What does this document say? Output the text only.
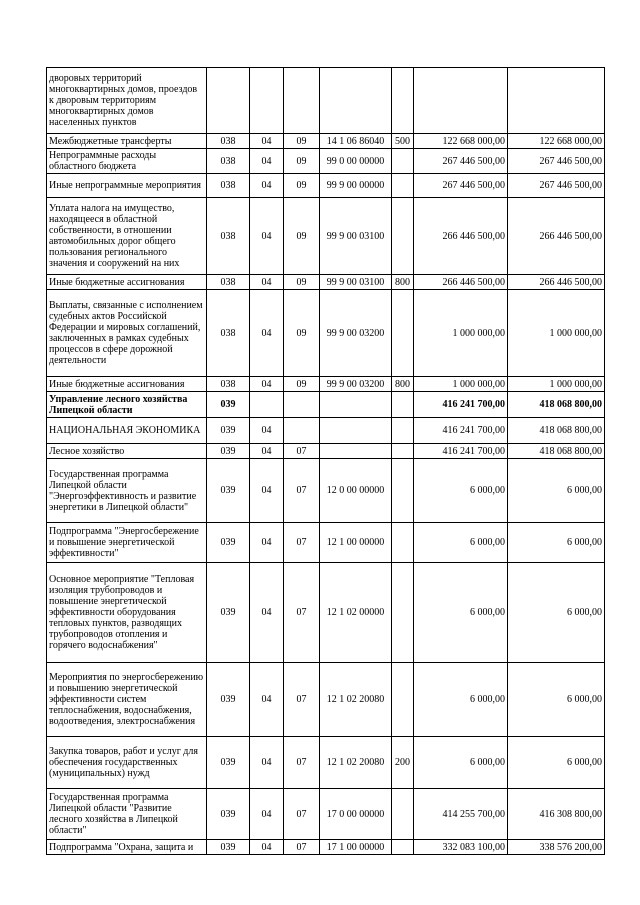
дворовых территорий многоквартирных домов, проездов к дворовым территориям многоквартирных домов населенных пунктов							
Межбюджетные трансферты	038	04	09	14 1 06 86040	500	122 668 000,00	122 668 000,00
Непрограммные расходы областного бюджета	038	04	09	99 0 00 00000		267 446 500,00	267 446 500,00
Иные непрограммные мероприятия	038	04	09	99 9 00 00000		267 446 500,00	267 446 500,00
Уплата налога на имущество, находящееся в областной собственности, в отношении автомобильных дорог общего пользования регионального значения и сооружений на них	038	04	09	99 9 00 03100		266 446 500,00	266 446 500,00
Иные бюджетные ассигнования	038	04	09	99 9 00 03100	800	266 446 500,00	266 446 500,00
Выплаты, связанные с исполнением судебных актов Российской Федерации и мировых соглашений, заключенных в рамках судебных процессов в сфере дорожной деятельности	038	04	09	99 9 00 03200		1 000 000,00	1 000 000,00
Иные бюджетные ассигнования	038	04	09	99 9 00 03200	800	1 000 000,00	1 000 000,00
Управление лесного хозяйства Липецкой области	039					416 241 700,00	418 068 800,00
НАЦИОНАЛЬНАЯ ЭКОНОМИКА	039	04				416 241 700,00	418 068 800,00
Лесное хозяйство	039	04	07			416 241 700,00	418 068 800,00
Государственная программа Липецкой области "Энергоэффективность и развитие энергетики в Липецкой области"	039	04	07	12 0 00 00000		6 000,00	6 000,00
Подпрограмма "Энергосбережение и повышение энергетической эффективности"	039	04	07	12 1 00 00000		6 000,00	6 000,00
Основное мероприятие "Тепловая изоляция трубопроводов и повышение энергетической эффективности оборудования тепловых пунктов, разводящих трубопроводов отопления и горячего водоснабжения"	039	04	07	12 1 02 00000		6 000,00	6 000,00
Мероприятия по энергосбережению и повышению энергетической эффективности систем теплоснабжения, водоснабжения, водоотведения, электроснабжения	039	04	07	12 1 02 20080		6 000,00	6 000,00
Закупка товаров, работ и услуг для обеспечения государственных (муниципальных) нужд	039	04	07	12 1 02 20080	200	6 000,00	6 000,00
Государственная программа Липецкой области "Развитие лесного хозяйства в Липецкой области"	039	04	07	17 0 00 00000		414 255 700,00	416 308 800,00
Подпрограмма "Охрана, защита и	039	04	07	17 1 00 00000		332 083 100,00	338 576 200,00
